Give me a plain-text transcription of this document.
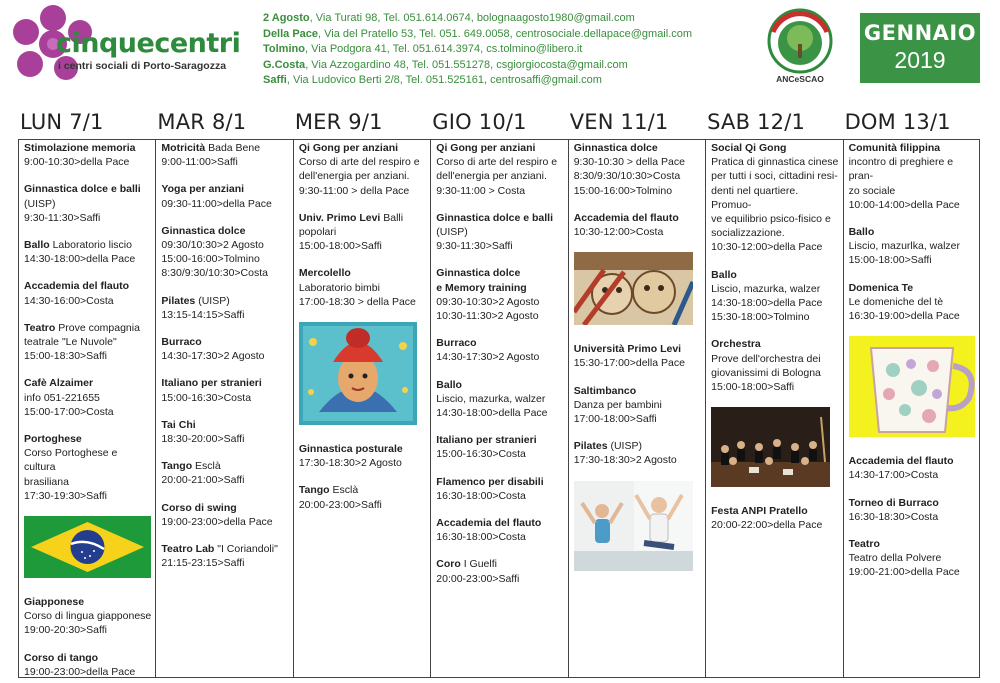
cinquecentri
i centri sociali di Porto-Saragozza
2 Agosto, Via Turati 98, Tel. 051.614.0674, bolognaagosto1980@gmail.com
Della Pace, Via del Pratello 53, Tel. 051. 649.0058, centrosociale.dellapace@gmail.com
Tolmino, Via Podgora 41, Tel. 051.614.3974, cs.tolmino@libero.it
G.Costa, Via Azzogardino 48, Tel. 051.551278, csgiorgiocosta@gmail.com
Saffi, Via Ludovico Berti 2/8, Tel. 051.525161, centrosaffi@gmail.com	ANCeSCAO
GENNAIO
2019
LUN 7/1
Stimolazione memoria
9:00-10:30>della Pace
Ginnastica dolce e balli
(UISP)
9:30-11:30>Saffi
Ballo Laboratorio liscio
14:30-18:00>della Pace
Accademia del flauto
14:30-16:00>Costa
Teatro Prove compagnia
teatrale "Le Nuvole"
15:00-18:30>Saffi
Cafè Alzaimer
info 051-221655
15:00-17:00>Costa
Portoghese
Corso Portoghese e cultura
brasiliana
17:30-19:30>Saffi
Giapponese
Corso di lingua giapponese
19:00-20:30>Saffi
Corso di tango
19:00-23:00>della Pace
MAR 8/1
Motricità Bada Bene
9:00-11:00>Saffi
Yoga per anziani
09:30-11:00>della Pace
Ginnastica dolce
09:30/10:30>2 Agosto
15:00-16:00>Tolmino
8:30/9:30/10:30>Costa
Pilates (UISP)
13:15-14:15>Saffi
Burraco
14:30-17:30>2 Agosto
Italiano per stranieri
15:00-16:30>Costa
Tai Chi
18:30-20:00>Saffi
Tango Esclà
20:00-21:00>Saffi
Corso di swing
19:00-23:00>della Pace
Teatro Lab "I Coriandoli"
21:15-23:15>Saffi
MER 9/1
Qi Gong per anziani
Corso di arte del respiro e
dell'energia per anziani.
9:30-11:00 > della Pace
Univ. Primo Levi Balli
popolari
15:00-18:00>Saffi
Mercolello
Laboratorio bimbi
17:00-18:30 > della Pace
Ginnastica posturale
17:30-18:30>2 Agosto
Tango Esclà
20:00-23:00>Saffi
GIO 10/1
Qi Gong per anziani
Corso di arte del respiro e
dell'energia per anziani.
9:30-11:00 > Costa
Ginnastica dolce e balli
(UISP)
9:30-11:30>Saffi
Ginnastica dolce
e Memory training
09:30-10:30>2 Agosto
10:30-11:30>2 Agosto
Burraco
14:30-17:30>2 Agosto
Ballo
Liscio, mazurka, walzer
14:30-18:00>della Pace
Italiano per stranieri
15:00-16:30>Costa
Flamenco per disabili
16:30-18:00>Costa
Accademia del flauto
16:30-18:00>Costa
Coro I Guelfi
20:00-23:00>Saffi
VEN 11/1
Ginnastica dolce
9:30-10:30 > della Pace
8:30/9:30/10:30>Costa
15:00-16:00>Tolmino
Accademia del flauto
10:30-12:00>Costa
Università Primo Levi
15:30-17:00>della Pace
Saltimbanco
Danza per bambini
17:00-18:00>Saffi
Pilates (UISP)
17:30-18:30>2 Agosto
SAB 12/1
Social Qi Gong
Pratica di ginnastica cinese
per tutti i soci, cittadini resi-
denti nel quartiere. Promuo-
ve equilibrio psico-fisico e
socializzazione.
10:30-12:00>della Pace
Ballo
Liscio, mazurka, walzer
14:30-18:00>della Pace
15:30-18:00>Tolmino
Orchestra
Prove dell'orchestra dei
giovanissimi di Bologna
15:00-18:00>Saffi
Festa ANPI Pratello
20:00-22:00>della Pace
DOM 13/1
Comunità filippina
incontro di preghiere e pran-
zo sociale
10:00-14:00>della Pace
Ballo
Liscio, mazurlka, walzer
15:00-18:00>Saffi
Domenica Te
Le domeniche del tè
16:30-19:00>della Pace
Accademia del flauto
14:30-17:00>Costa
Torneo di Burraco
16:30-18:30>Costa
Teatro
Teatro della Polvere
19:00-21:00>della Pace
